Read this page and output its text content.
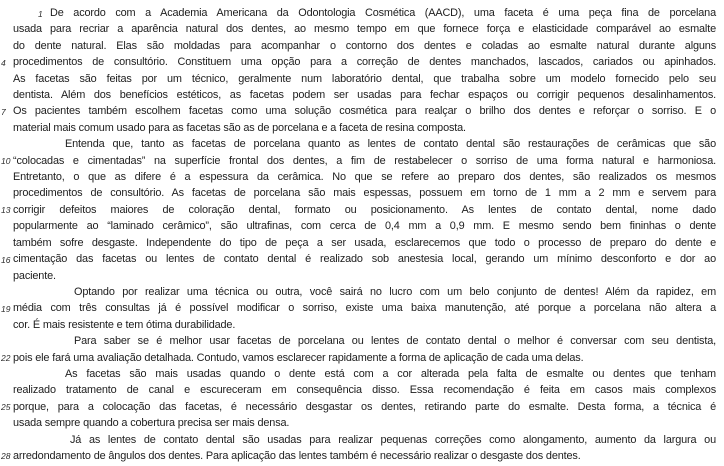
1 De acordo com a Academia Americana da Odontologia Cosmética (AACD), uma faceta é uma peça fina de porcelana
usada para recriar a aparência natural dos dentes, ao mesmo tempo em que fornece força e elasticidade comparável ao esmalte
do dente natural. Elas são moldadas para acompanhar o contorno dos dentes e coladas ao esmalte natural durante alguns
4 procedimentos de consultório. Constituem uma opção para a correção de dentes manchados, lascados, cariados ou apinhados.
As facetas são feitas por um técnico, geralmente num laboratório dental, que trabalha sobre um modelo fornecido pelo seu
dentista. Além dos benefícios estéticos, as facetas podem ser usadas para fechar espaços ou corrigir pequenos desalinhamentos.
7 Os pacientes também escolhem facetas como uma solução cosmética para realçar o brilho dos dentes e reforçar o sorriso. E o
material mais comum usado para as facetas são as de porcelana e a faceta de resina composta.
Entenda que, tanto as facetas de porcelana quanto as lentes de contato dental são restaurações de cerâmicas que são
10 “colocadas e cimentadas” na superfície frontal dos dentes, a fim de restabelecer o sorriso de uma forma natural e harmoniosa.
Entretanto, o que as difere é a espessura da cerâmica. No que se refere ao preparo dos dentes, são realizados os mesmos
procedimentos de consultório. As facetas de porcelana são mais espessas, possuem em torno de 1 mm a 2 mm e servem para
13 corrigir defeitos maiores de coloração dental, formato ou posicionamento. As lentes de contato dental, nome dado
popularmente ao “laminado cerâmico”, são ultrafinas, com cerca de 0,4 mm a 0,9 mm. E mesmo sendo bem fininhas o dente
também sofre desgaste. Independente do tipo de peça a ser usada, esclarecemos que todo o processo de preparo do dente e
16 cimentação das facetas ou lentes de contato dental é realizado sob anestesia local, gerando um mínimo desconforto e dor ao
paciente.
Optando por realizar uma técnica ou outra, você sairá no lucro com um belo conjunto de dentes! Além da rapidez, em
19 média com três consultas já é possível modificar o sorriso, existe uma baixa manutenção, até porque a porcelana não altera a
cor. É mais resistente e tem ótima durabilidade.
Para saber se é melhor usar facetas de porcelana ou lentes de contato dental o melhor é conversar com seu dentista,
22 pois ele fará uma avaliação detalhada. Contudo, vamos esclarecer rapidamente a forma de aplicação de cada uma delas.
As facetas são mais usadas quando o dente está com a cor alterada pela falta de esmalte ou dentes que tenham
realizado tratamento de canal e escureceram em consequência disso. Essa recomendação é feita em casos mais complexos
25 porque, para a colocação das facetas, é necessário desgastar os dentes, retirando parte do esmalte. Desta forma, a técnica é
usada sempre quando a cobertura precisa ser mais densa.
Já as lentes de contato dental são usadas para realizar pequenas correções como alongamento, aumento da largura ou
28 arredondamento de ângulos dos dentes. Para aplicação das lentes também é necessário realizar o desgaste dos dentes.
